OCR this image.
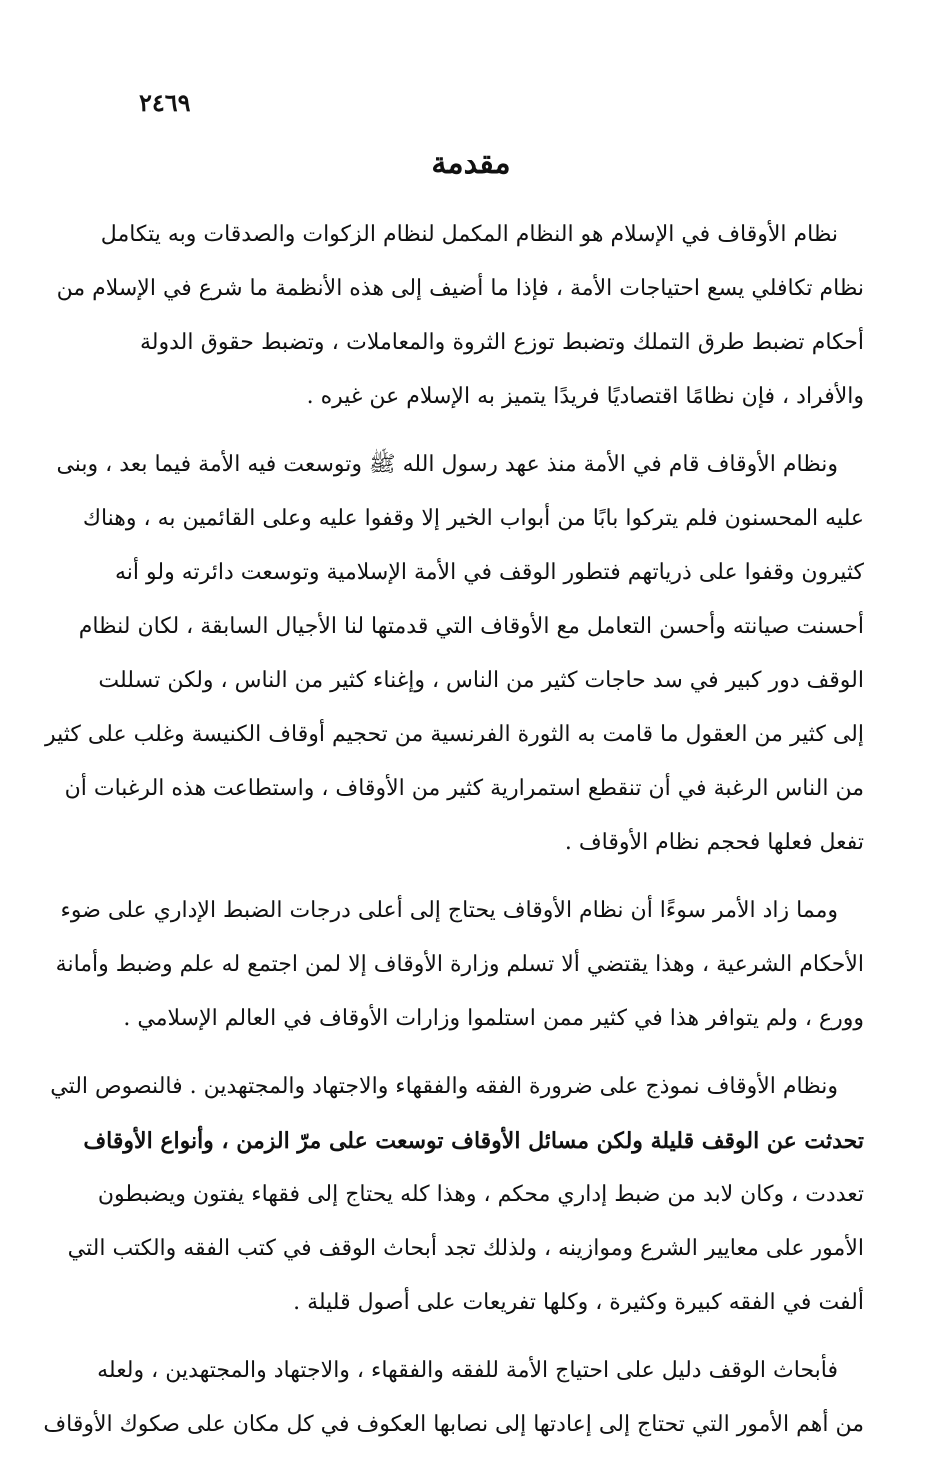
٢٤٦٩
مقدمة
نظام الأوقاف في الإسلام هو النظام المكمل لنظام الزكوات والصدقات وبه يتكامل
نظام تكافلي يسع احتياجات الأمة ، فإذا ما أضيف إلى هذه الأنظمة ما شرع في الإسلام من
أحكام تضبط طرق التملك وتضبط توزع الثروة والمعاملات ، وتضبط حقوق الدولة
والأفراد ، فإن نظامًا اقتصاديًا فريدًا يتميز به الإسلام عن غيره .
ونظام الأوقاف قام في الأمة منذ عهد رسول الله ﷺ وتوسعت فيه الأمة فيما بعد ، وبنى
عليه المحسنون فلم يتركوا بابًا من أبواب الخير إلا وقفوا عليه وعلى القائمين به ، وهناك
كثيرون وقفوا على ذرياتهم فتطور الوقف في الأمة الإسلامية وتوسعت دائرته ولو أنه
أحسنت صيانته وأحسن التعامل مع الأوقاف التي قدمتها لنا الأجيال السابقة ، لكان لنظام
الوقف دور كبير في سد حاجات كثير من الناس ، وإغناء كثير من الناس ، ولكن تسللت
إلى كثير من العقول ما قامت به الثورة الفرنسية من تحجيم أوقاف الكنيسة وغلب على كثير
من الناس الرغبة في أن تنقطع استمرارية كثير من الأوقاف ، واستطاعت هذه الرغبات أن
تفعل فعلها فحجم نظام الأوقاف .
ومما زاد الأمر سوءًا أن نظام الأوقاف يحتاج إلى أعلى درجات الضبط الإداري على ضوء
الأحكام الشرعية ، وهذا يقتضي ألا تسلم وزارة الأوقاف إلا لمن اجتمع له علم وضبط وأمانة
وورع ، ولم يتوافر هذا في كثير ممن استلموا وزارات الأوقاف في العالم الإسلامي .
ونظام الأوقاف نموذج على ضرورة الفقه والفقهاء والاجتهاد والمجتهدين . فالنصوص التي
تحدثت عن الوقف قليلة ولكن مسائل الأوقاف توسعت على مرّ الزمن ، وأنواع الأوقاف
تعددت ، وكان لابد من ضبط إداري محكم ، وهذا كله يحتاج إلى فقهاء يفتون ويضبطون
الأمور على معايير الشرع وموازينه ، ولذلك تجد أبحاث الوقف في كتب الفقه والكتب التي
ألفت في الفقه كبيرة وكثيرة ، وكلها تفريعات على أصول قليلة .
فأبحاث الوقف دليل على احتياج الأمة للفقه والفقهاء ، والاجتهاد والمجتهدين ، ولعله
من أهم الأمور التي تحتاج إلى إعادتها إلى نصابها العكوف في كل مكان على صكوك الأوقاف
